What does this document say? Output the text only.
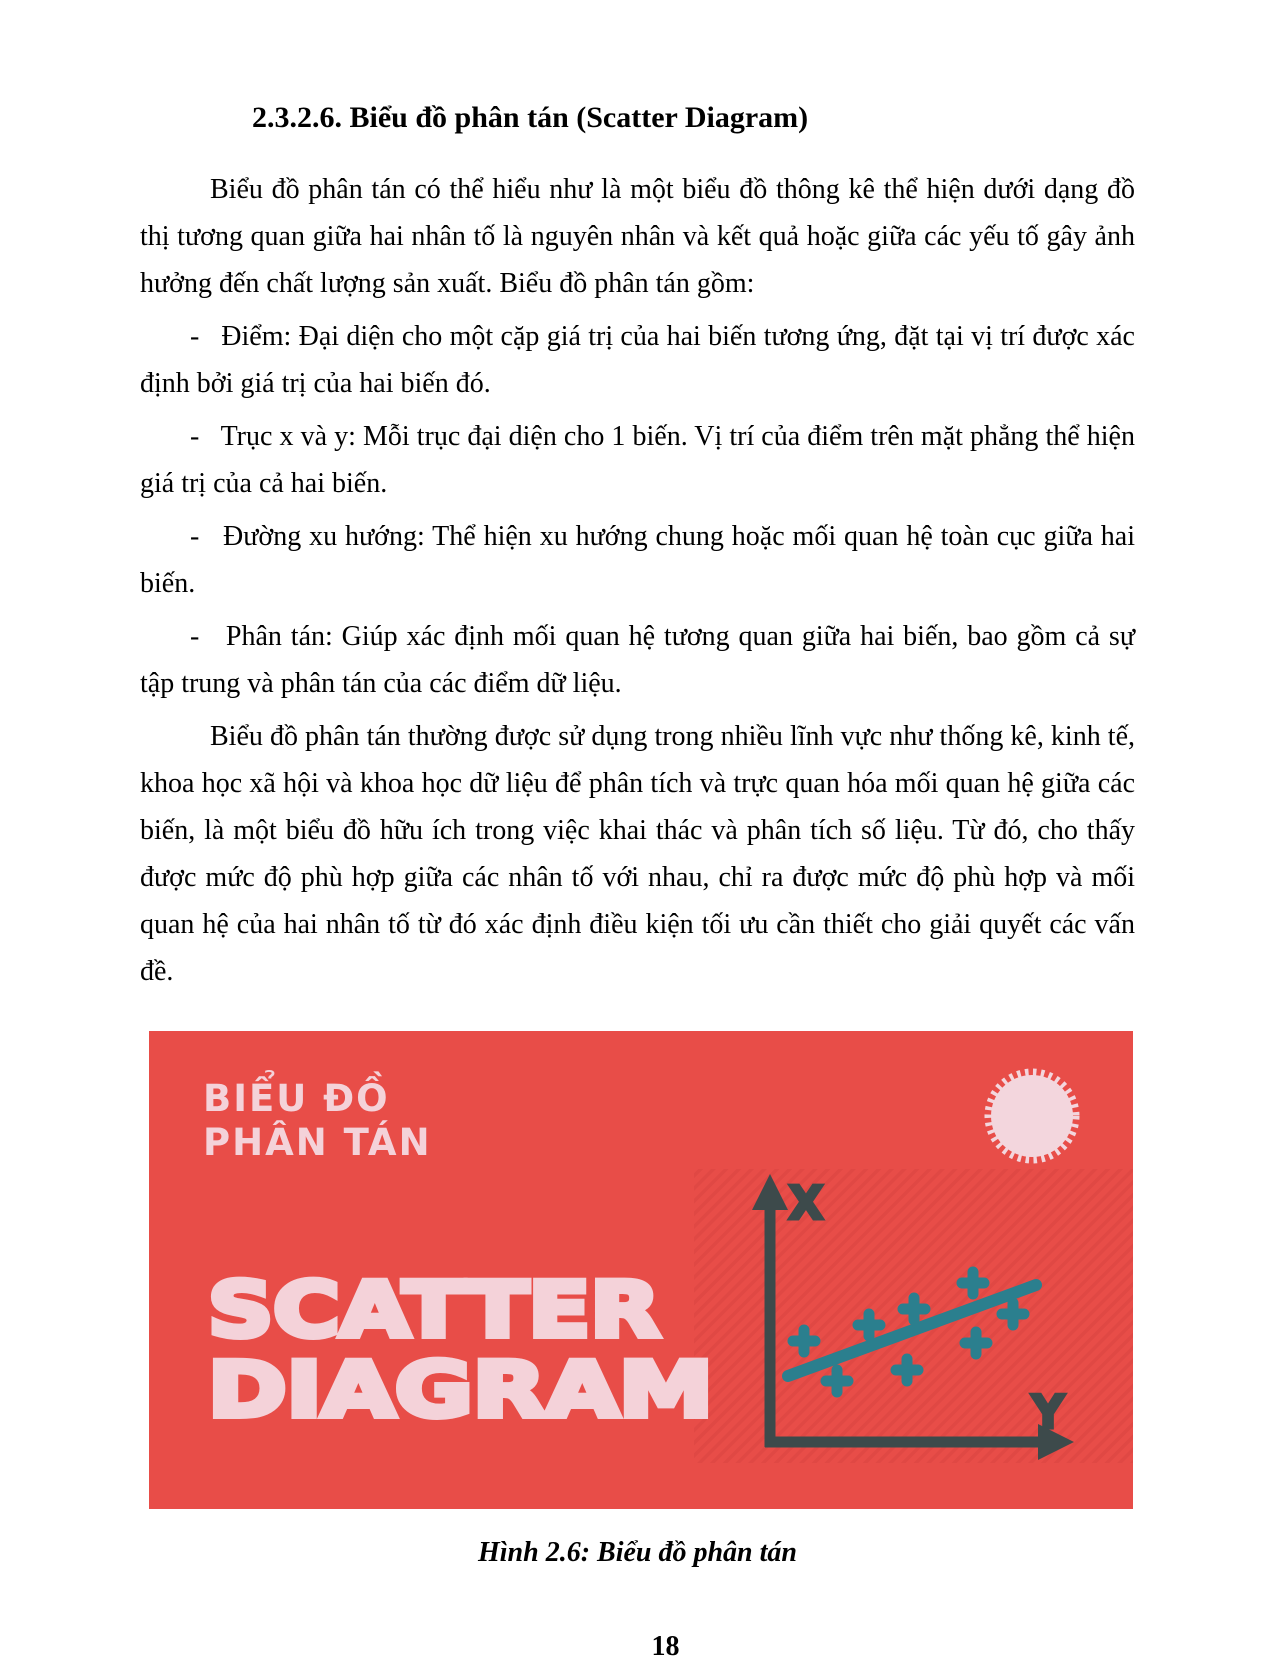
2.3.2.6. Biểu đồ phân tán (Scatter Diagram)

Biểu đồ phân tán có thể hiểu như là một biểu đồ thông kê thể hiện dưới dạng đồ thị tương quan giữa hai nhân tố là nguyên nhân và kết quả hoặc giữa các yếu tố gây ảnh hưởng đến chất lượng sản xuất. Biểu đồ phân tán gồm:

-   Điểm: Đại diện cho một cặp giá trị của hai biến tương ứng, đặt tại vị trí được xác định bởi giá trị của hai biến đó.

-   Trục x và y: Mỗi trục đại diện cho 1 biến. Vị trí của điểm trên mặt phẳng thể hiện giá trị của cả hai biến.

-   Đường xu hướng: Thể hiện xu hướng chung hoặc mối quan hệ toàn cục giữa hai biến.

-   Phân tán: Giúp xác định mối quan hệ tương quan giữa hai biến, bao gồm cả sự tập trung và phân tán của các điểm dữ liệu.

Biểu đồ phân tán thường được sử dụng trong nhiều lĩnh vực như thống kê, kinh tế, khoa học xã hội và khoa học dữ liệu để phân tích và trực quan hóa mối quan hệ giữa các biến, là một biểu đồ hữu ích trong việc khai thác và phân tích số liệu. Từ đó, cho thấy được mức độ phù hợp giữa các nhân tố với nhau, chỉ ra được mức độ phù hợp và mối quan hệ của hai nhân tố từ đó xác định điều kiện tối ưu cần thiết cho giải quyết các vấn đề.

BIỂU ĐỒ
PHÂN TÁN
SCATTER
DIAGRAM
X
Y
Hình 2.6: Biểu đồ phân tán
18
